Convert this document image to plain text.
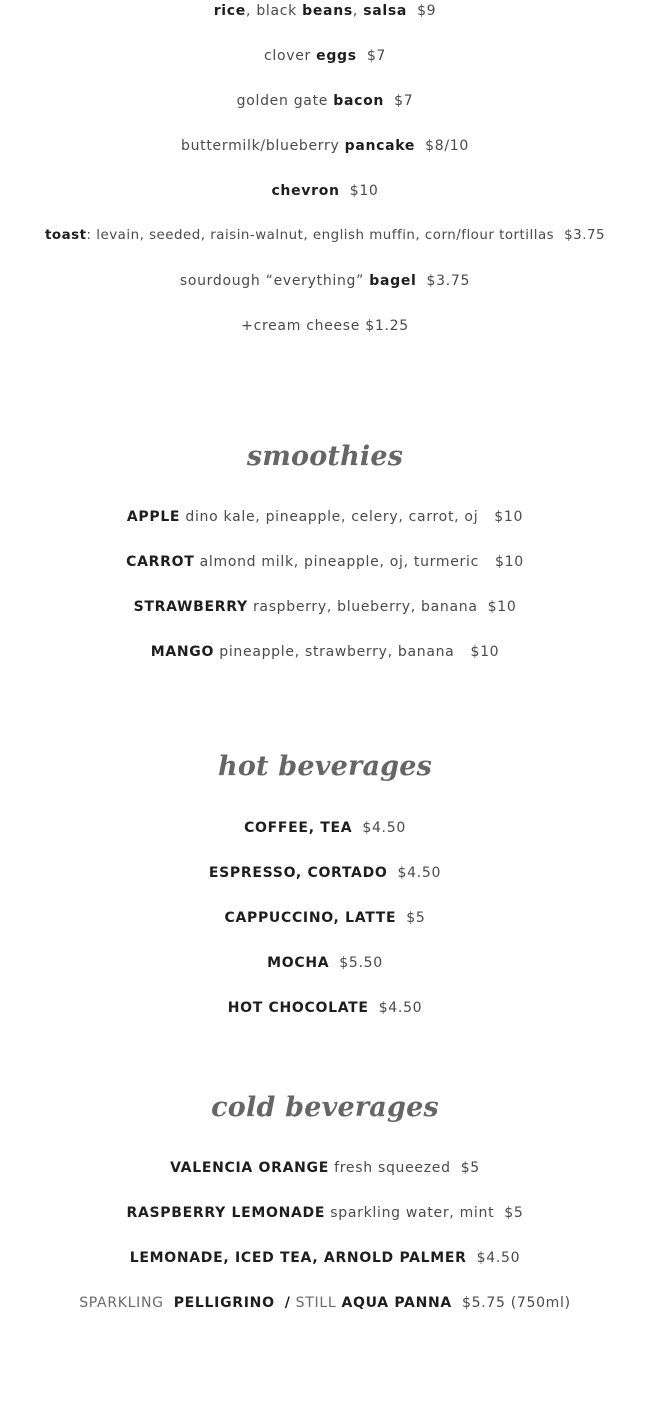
rice, black beans, salsa $9
clover eggs $7
golden gate bacon $7
buttermilk/blueberry pancake $8/10
chevron $10
toast: levain, seeded, raisin-walnut, english muffin, corn/flour tortillas $3.75
sourdough “everything” bagel $3.75
+cream cheese $1.25
smoothies
APPLE dino kale, pineapple, celery, carrot, oj $10
CARROT almond milk, pineapple, oj, turmeric $10
STRAWBERRY raspberry, blueberry, banana $10
MANGO pineapple, strawberry, banana $10
hot beverages
COFFEE, TEA $4.50
ESPRESSO, CORTADO $4.50
CAPPUCCINO, LATTE $5
MOCHA $5.50
HOT CHOCOLATE $4.50
cold beverages
VALENCIA ORANGE fresh squeezed $5
RASPBERRY LEMONADE sparkling water, mint $5
LEMONADE, ICED TEA, ARNOLD PALMER $4.50
SPARKLING PELLIGRINO / STILL AQUA PANNA $5.75 (750ml)
